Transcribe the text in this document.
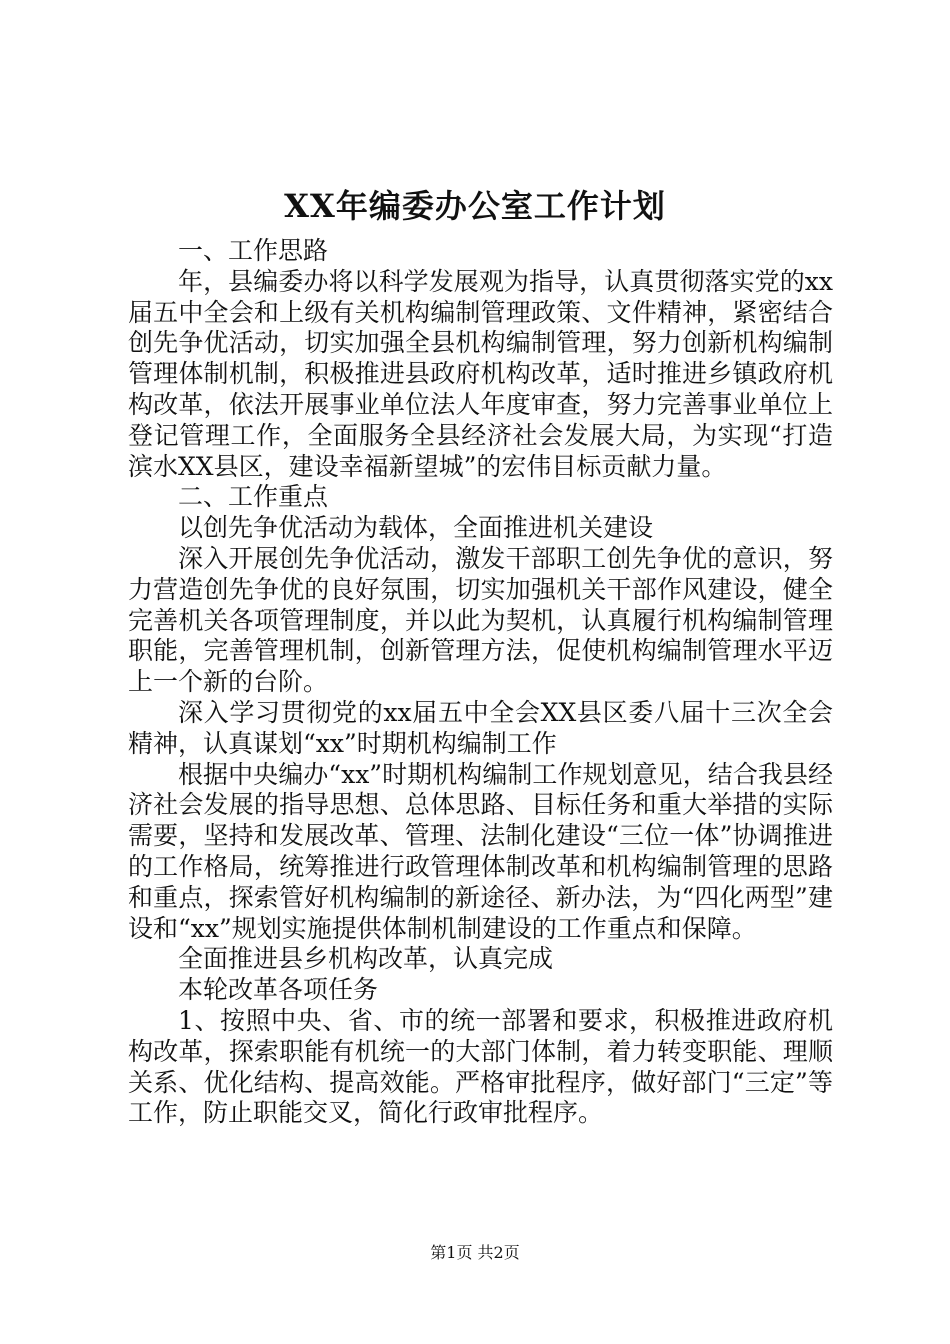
XX年编委办公室工作计划

一、工作思路

年，县编委办将以科学发展观为指导，认真贯彻落实党的xx届五中全会和上级有关机构编制管理政策、文件精神，紧密结合创先争优活动，切实加强全县机构编制管理，努力创新机构编制管理体制机制，积极推进县政府机构改革，适时推进乡镇政府机构改革，依法开展事业单位法人年度审查，努力完善事业单位上登记管理工作，全面服务全县经济社会发展大局，为实现“打造滨水XX县区，建设幸福新望城”的宏伟目标贡献力量。

二、工作重点

以创先争优活动为载体，全面推进机关建设

深入开展创先争优活动，激发干部职工创先争优的意识，努力营造创先争优的良好氛围，切实加强机关干部作风建设，健全完善机关各项管理制度，并以此为契机，认真履行机构编制管理职能，完善管理机制，创新管理方法，促使机构编制管理水平迈上一个新的台阶。

深入学习贯彻党的xx届五中全会XX县区委八届十三次全会精神，认真谋划“xx”时期机构编制工作

根据中央编办“xx”时期机构编制工作规划意见，结合我县经济社会发展的指导思想、总体思路、目标任务和重大举措的实际需要，坚持和发展改革、管理、法制化建设“三位一体”协调推进的工作格局，统筹推进行政管理体制改革和机构编制管理的思路和重点，探索管好机构编制的新途径、新办法，为“四化两型”建设和“xx”规划实施提供体制机制建设的工作重点和保障。

全面推进县乡机构改革，认真完成

本轮改革各项任务

1、按照中央、省、市的统一部署和要求，积极推进政府机构改革，探索职能有机统一的大部门体制，着力转变职能、理顺关系、优化结构、提高效能。严格审批程序，做好部门“三定”等工作，防止职能交叉，简化行政审批程序。

第1页 共2页
